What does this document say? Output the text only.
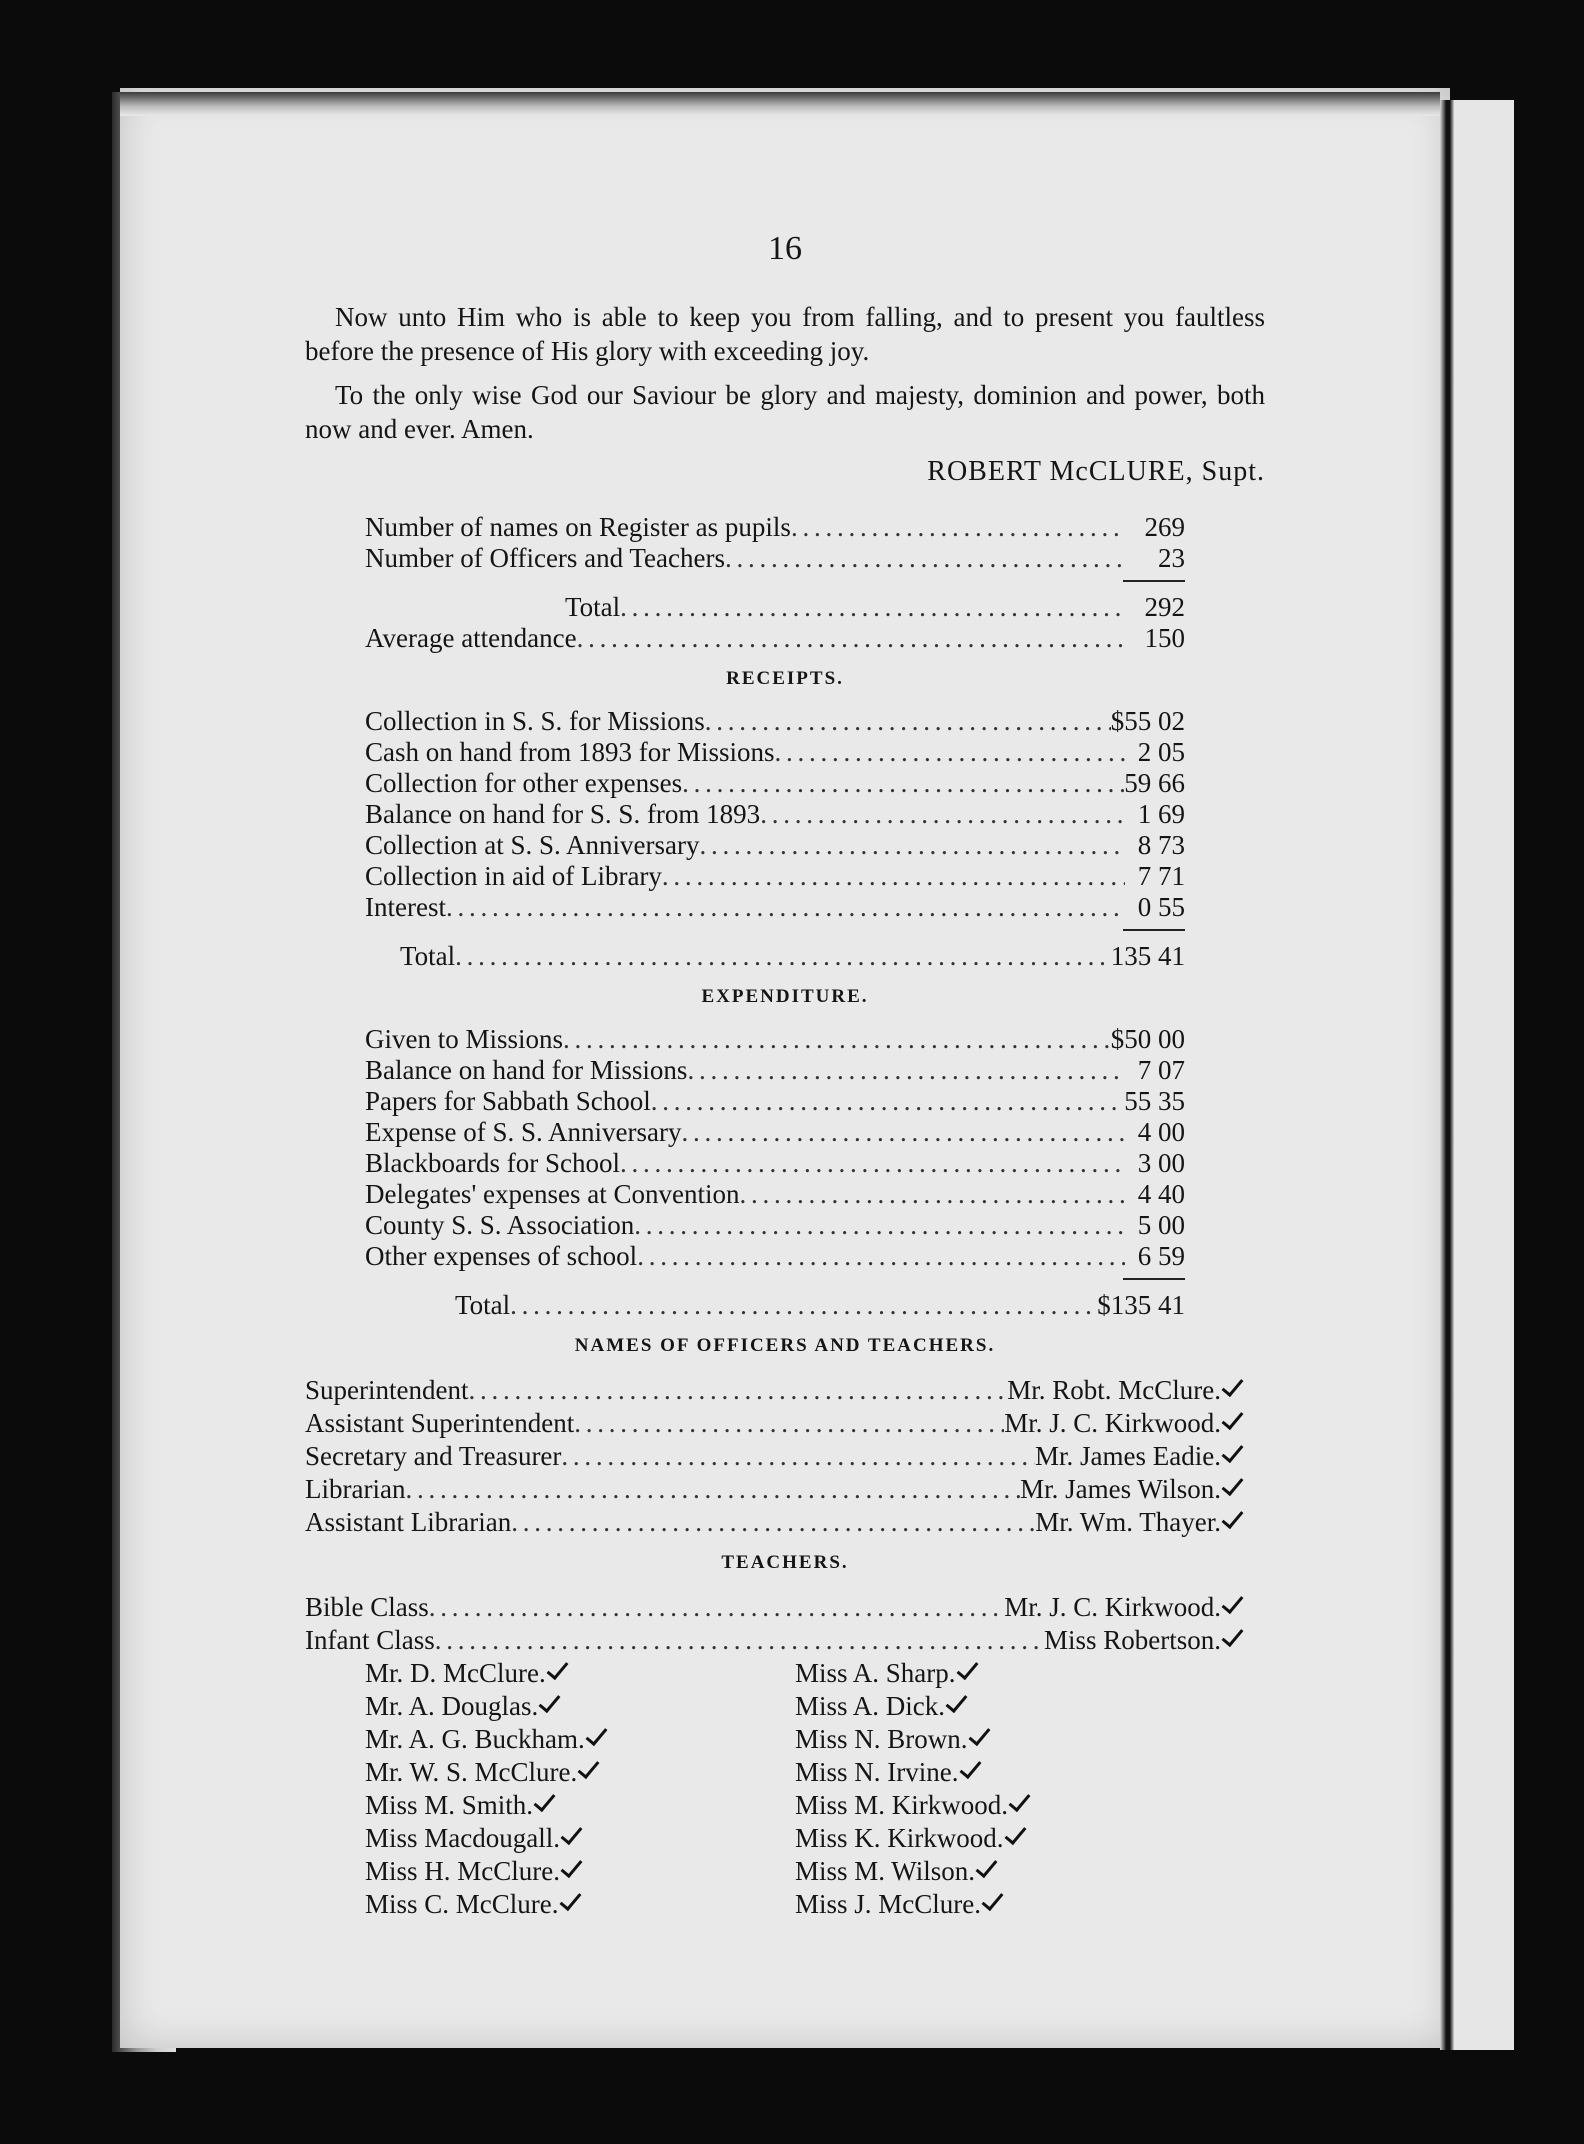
16

Now unto Him who is able to keep you from falling, and to present you faultless before the presence of His glory with exceeding joy.

To the only wise God our Saviour be glory and majesty, dominion and power, both now and ever. Amen.

ROBERT McCLURE, Supt.
Number of names on Register as pupils . . .	269
Number of Officers and Teachers . . .	23
Total . . .	292
Average attendance . . .	150
RECEIPTS.
Collection in S. S. for Missions . . .	$55 02
Cash on hand from 1893 for Missions . . .	2 05
Collection for other expenses . . .	59 66
Balance on hand for S. S. from 1893 . . .	1 69
Collection at S. S. Anniversary . . .	8 73
Collection in aid of Library . . .	7 71
Interest . . .	0 55
Total . . .	135 41
EXPENDITURE.
Given to Missions . . .	$50 00
Balance on hand for Missions . . .	7 07
Papers for Sabbath School . . .	55 35
Expense of S. S. Anniversary . . .	4 00
Blackboards for School . . .	3 00
Delegates' expenses at Convention . . .	4 40
County S. S. Association . . .	5 00
Other expenses of school . . .	6 59
Total . . .	$135 41
NAMES OF OFFICERS AND TEACHERS.
Superintendent . . .	Mr. Robt. McClure.
Assistant Superintendent . . .	Mr. J. C. Kirkwood.
Secretary and Treasurer . . .	Mr. James Eadie.
Librarian . . .	Mr. James Wilson.
Assistant Librarian . . .	Mr. Wm. Thayer.
TEACHERS.
Bible Class . . .	Mr. J. C. Kirkwood.
Infant Class . . .	Miss Robertson.
Mr. D. McClure.	Miss A. Sharp.
Mr. A. Douglas.	Miss A. Dick.
Mr. A. G. Buckham.	Miss N. Brown.
Mr. W. S. McClure.	Miss N. Irvine.
Miss M. Smith.	Miss M. Kirkwood.
Miss Macdougall.	Miss K. Kirkwood.
Miss H. McClure.	Miss M. Wilson.
Miss C. McClure.	Miss J. McClure.
